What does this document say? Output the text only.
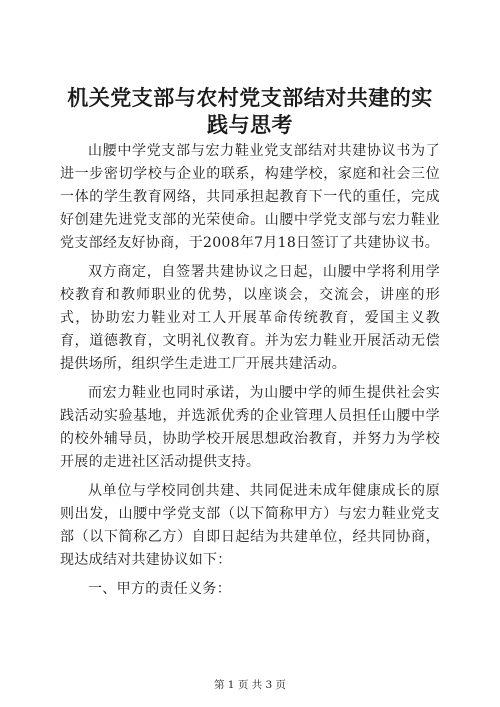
机关党支部与农村党支部结对共建的实践与思考

山腰中学党支部与宏力鞋业党支部结对共建协议书为了进一步密切学校与企业的联系，构建学校，家庭和社会三位一体的学生教育网络，共同承担起教育下一代的重任，完成好创建先进党支部的光荣使命。山腰中学党支部与宏力鞋业党支部经友好协商，于2008年7月18日签订了共建协议书。

双方商定，自签署共建协议之日起，山腰中学将利用学校教育和教师职业的优势，以座谈会，交流会，讲座的形式，协助宏力鞋业对工人开展革命传统教育，爱国主义教育，道德教育，文明礼仪教育。并为宏力鞋业开展活动无偿提供场所，组织学生走进工厂开展共建活动。

而宏力鞋业也同时承诺，为山腰中学的师生提供社会实践活动实验基地，并选派优秀的企业管理人员担任山腰中学的校外辅导员，协助学校开展思想政治教育，并努力为学校开展的走进社区活动提供支持。

从单位与学校同创共建、共同促进未成年健康成长的原则出发，山腰中学党支部（以下简称甲方）与宏力鞋业党支部（以下简称乙方）自即日起结为共建单位，经共同协商，现达成结对共建协议如下：

一、甲方的责任义务：

第 1 页 共 3 页
